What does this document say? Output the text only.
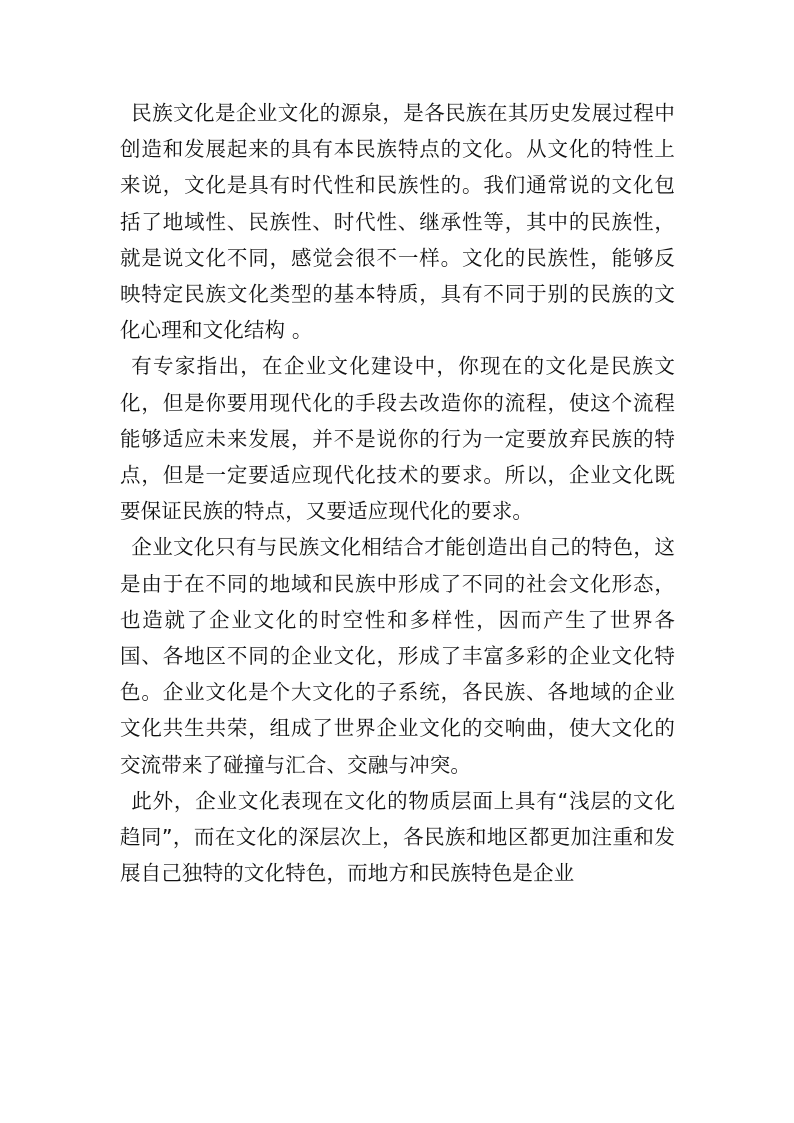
民族文化是企业文化的源泉，是各民族在其历史发展过程中创造和发展起来的具有本民族特点的文化。从文化的特性上来说，文化是具有时代性和民族性的。我们通常说的文化包括了地域性、民族性、时代性、继承性等，其中的民族性，就是说文化不同，感觉会很不一样。文化的民族性，能够反映特定民族文化类型的基本特质，具有不同于别的民族的文化心理和文化结构 。

有专家指出，在企业文化建设中，你现在的文化是民族文化，但是你要用现代化的手段去改造你的流程，使这个流程能够适应未来发展，并不是说你的行为一定要放弃民族的特点，但是一定要适应现代化技术的要求。所以，企业文化既要保证民族的特点，又要适应现代化的要求。

企业文化只有与民族文化相结合才能创造出自己的特色，这是由于在不同的地域和民族中形成了不同的社会文化形态，也造就了企业文化的时空性和多样性，因而产生了世界各国、各地区不同的企业文化，形成了丰富多彩的企业文化特色。企业文化是个大文化的子系统，各民族、各地域的企业文化共生共荣，组成了世界企业文化的交响曲，使大文化的交流带来了碰撞与汇合、交融与冲突。

此外，企业文化表现在文化的物质层面上具有“浅层的文化趋同”，而在文化的深层次上，各民族和地区都更加注重和发展自己独特的文化特色，而地方和民族特色是企业
